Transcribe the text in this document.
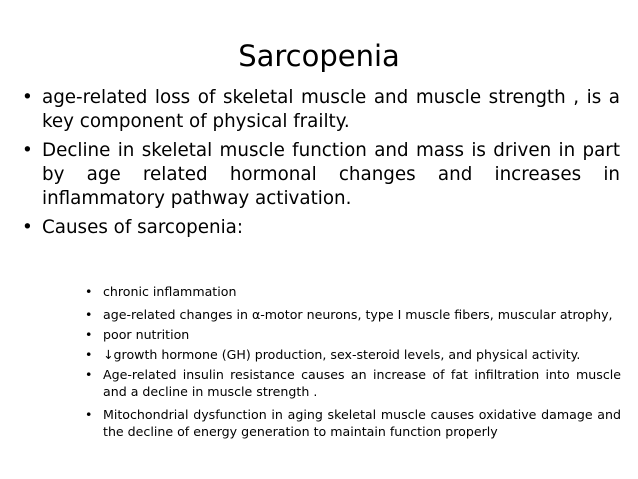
Sarcopenia
• age-related loss of skeletal muscle and muscle strength , is a key component of physical frailty.
• Decline in skeletal muscle function and mass is driven in part by age related hormonal changes and increases in inflammatory pathway activation.
• Causes of sarcopenia:
• chronic inflammation
• age-related changes in α-motor neurons, type I muscle fibers, muscular atrophy,
• poor nutrition
• ↓growth hormone (GH) production, sex-steroid levels, and physical activity.
• Age-related insulin resistance causes an increase of fat infiltration into muscle and a decline in muscle strength .
• Mitochondrial dysfunction in aging skeletal muscle causes oxidative damage and the decline of energy generation to maintain function properly
